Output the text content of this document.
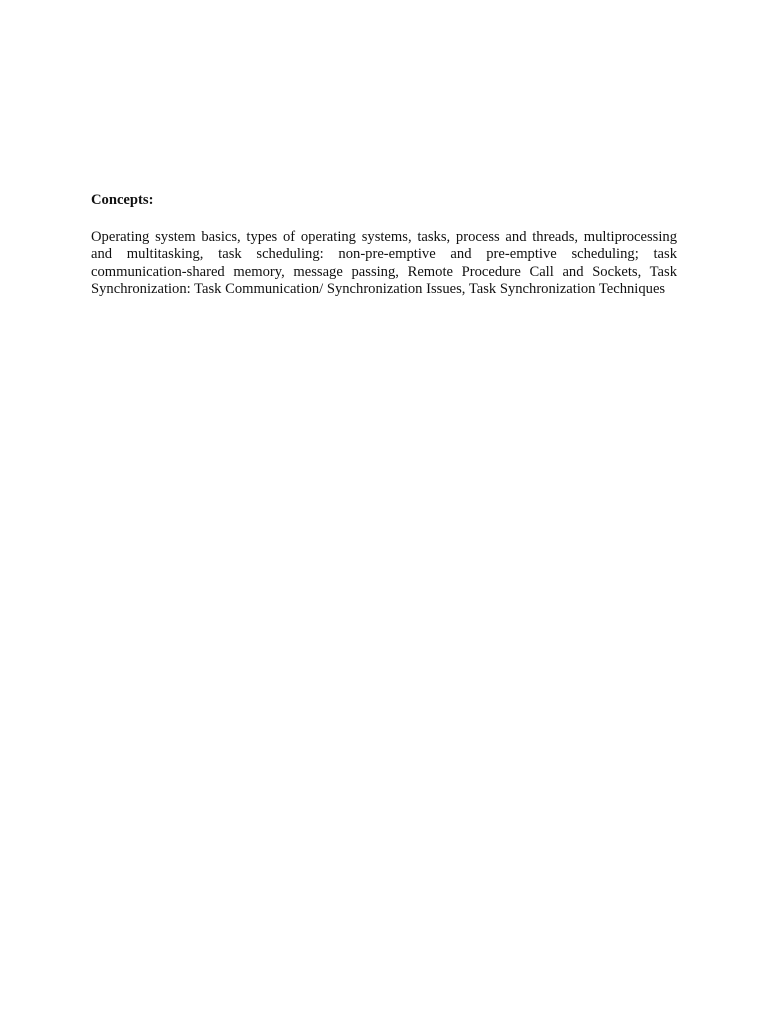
Concepts:

Operating system basics, types of operating systems, tasks, process and threads, multiprocessing and multitasking, task scheduling: non-pre-emptive and pre-emptive scheduling; task communication-shared memory, message passing, Remote Procedure Call and Sockets, Task Synchronization: Task Communication/ Synchronization Issues, Task Synchronization Techniques
